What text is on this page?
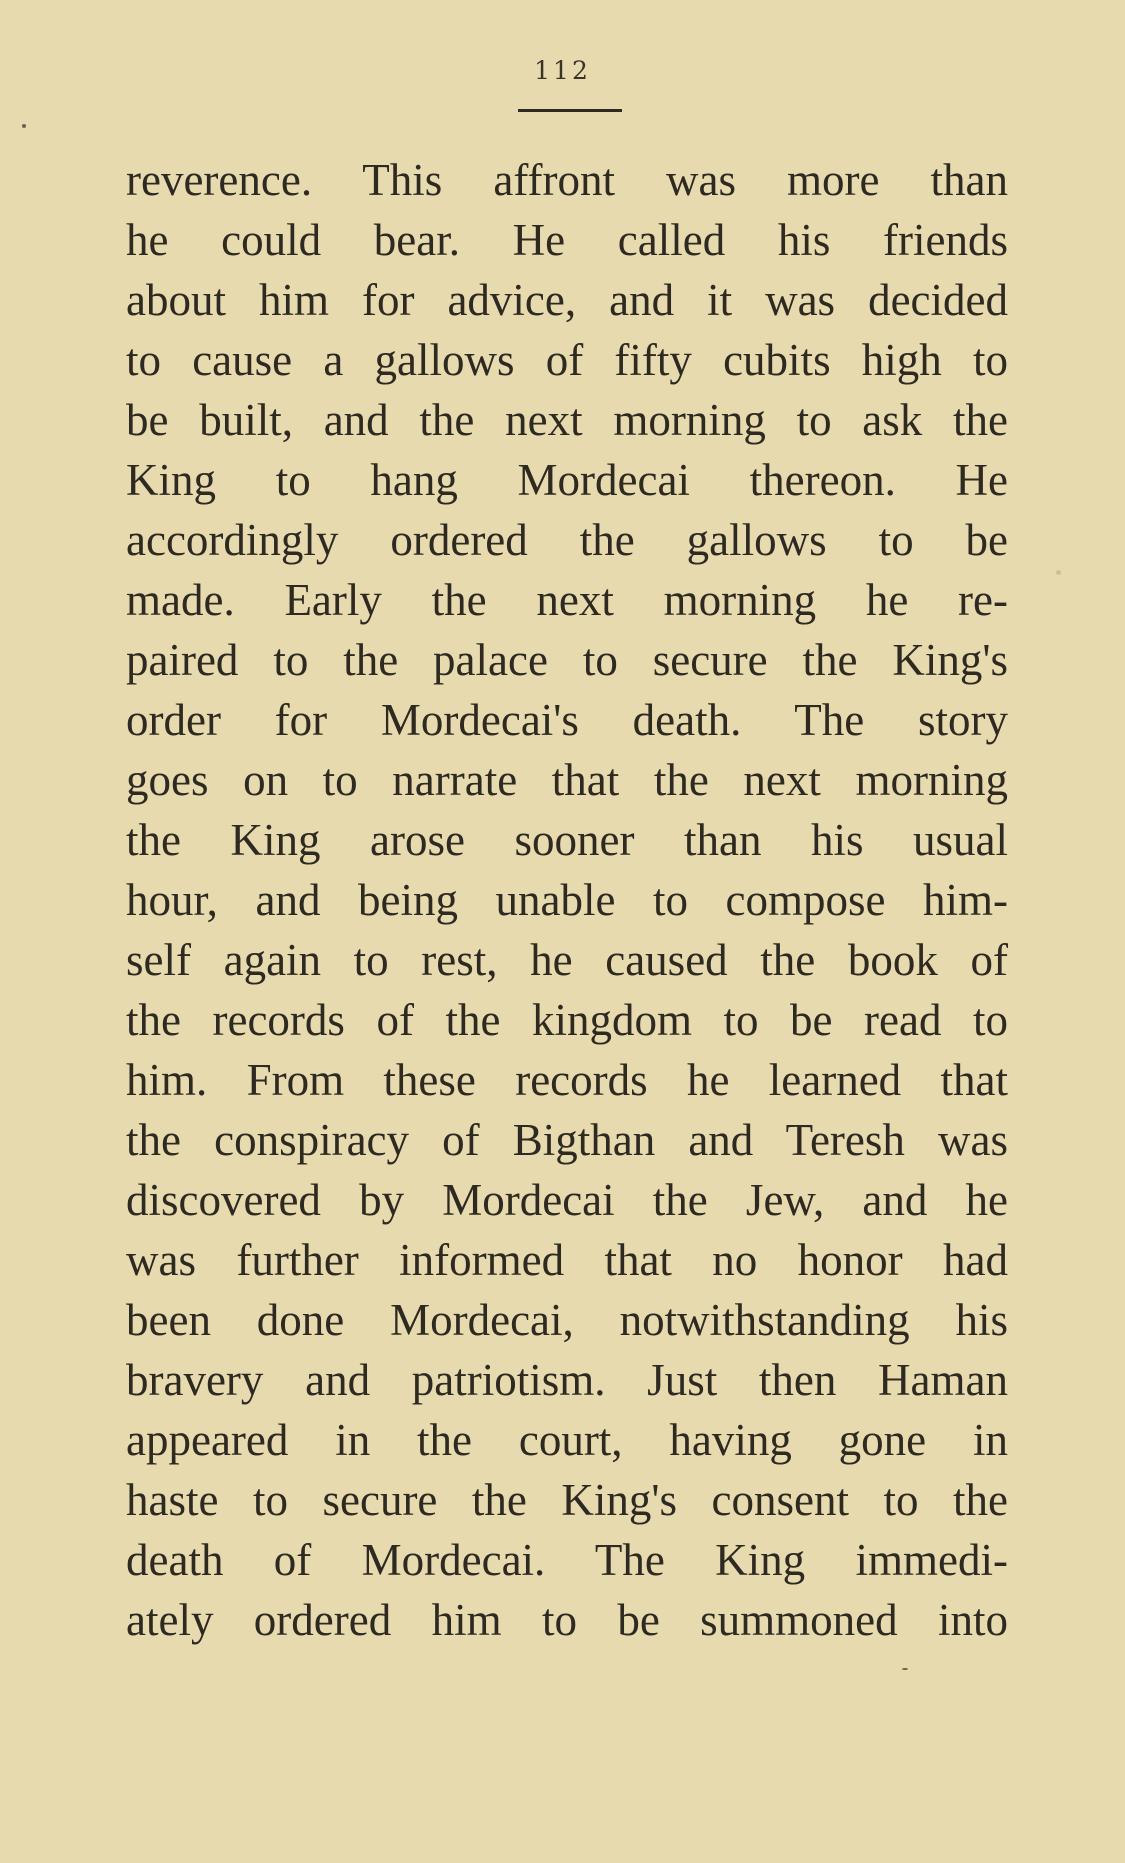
112
reverence. This affront was more than
he could bear. He called his friends
about him for advice, and it was decided
to cause a gallows of fifty cubits high to
be built, and the next morning to ask the
King to hang Mordecai thereon. He
accordingly ordered the gallows to be
made. Early the next morning he re-
paired to the palace to secure the King's
order for Mordecai's death. The story
goes on to narrate that the next morning
the King arose sooner than his usual
hour, and being unable to compose him-
self again to rest, he caused the book of
the records of the kingdom to be read to
him. From these records he learned that
the conspiracy of Bigthan and Teresh was
discovered by Mordecai the Jew, and he
was further informed that no honor had
been done Mordecai, notwithstanding his
bravery and patriotism. Just then Haman
appeared in the court, having gone in
haste to secure the King's consent to the
death of Mordecai. The King immedi-
ately ordered him to be summoned into
